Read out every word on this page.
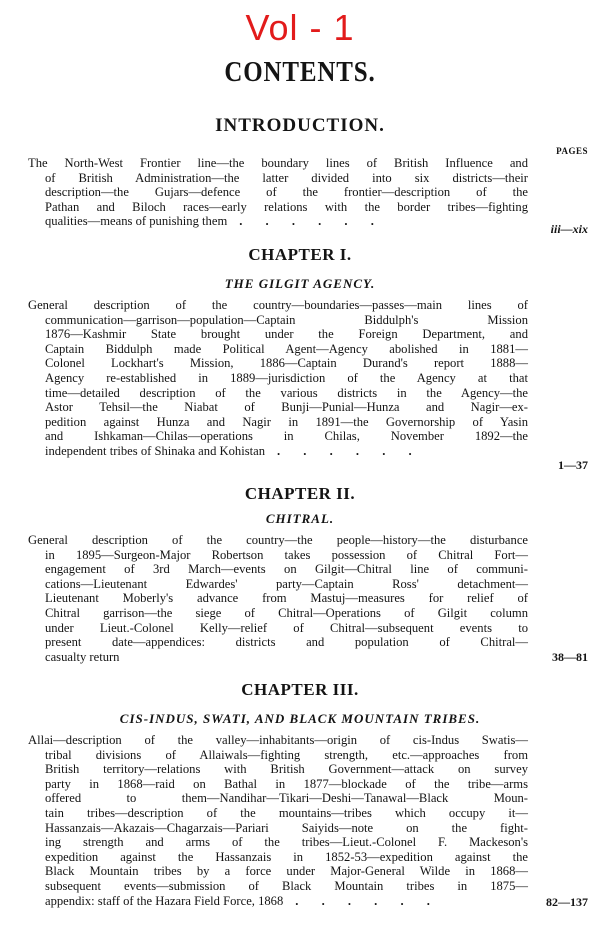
Vol - 1
CONTENTS.
INTRODUCTION.
PAGES
The North-West Frontier line—the boundary lines of British Influence and
of British Administration—the latter divided into six districts—their
description—the Gujars—defence of the frontier—description of the
Pathan and Biloch races—early relations with the border tribes—fighting
qualities—means of punishing them . . . . . .
iii—xix
CHAPTER I.
THE GILGIT AGENCY.
General description of the country—boundaries—passes—main lines of
communication—garrison—population—Captain Biddulph's Mission
1876—Kashmir State brought under the Foreign Department, and
Captain Biddulph made Political Agent—Agency abolished in 1881—
Colonel Lockhart's Mission, 1886—Captain Durand's report 1888—
Agency re-established in 1889—jurisdiction of the Agency at that
time—detailed description of the various districts in the Agency—the
Astor Tehsil—the Niabat of Bunji—Punial—Hunza and Nagir—ex-
pedition against Hunza and Nagir in 1891—the Governorship of Yasin
and Ishkaman—Chilas—operations in Chilas, November 1892—the
independent tribes of Shinaka and Kohistan . . . . . .
1—37
CHAPTER II.
CHITRAL.
General description of the country—the people—history—the disturbance
in 1895—Surgeon-Major Robertson takes possession of Chitral Fort—
engagement of 3rd March—events on Gilgit—Chitral line of communi-
cations—Lieutenant Edwardes' party—Captain Ross' detachment—
Lieutenant Moberly's advance from Mastuj—measures for relief of
Chitral garrison—the siege of Chitral—Operations of Gilgit column
under Lieut.-Colonel Kelly—relief of Chitral—subsequent events to
present date—appendices: districts and population of Chitral—
casualty return	38—81
CHAPTER III.
CIS-INDUS, SWATI, AND BLACK MOUNTAIN TRIBES.
Allai—description of the valley—inhabitants—origin of cis-Indus Swatis—
tribal divisions of Allaiwals—fighting strength, etc.—approaches from
British territory—relations with British Government—attack on survey
party in 1868—raid on Bathal in 1877—blockade of the tribe—arms
offered to them—Nandihar—Tikari—Deshi—Tanawal—Black Moun-
tain tribes—description of the mountains—tribes which occupy it—
Hassanzais—Akazais—Chagarzais—Pariari Saiyids—note on the fight-
ing strength and arms of the tribes—Lieut.-Colonel F. Mackeson's
expedition against the Hassanzais in 1852-53—expedition against the
Black Mountain tribes by a force under Major-General Wilde in 1868—
subsequent events—submission of Black Mountain tribes in 1875—
appendix: staff of the Hazara Field Force, 1868 . . . . . .	82—137
